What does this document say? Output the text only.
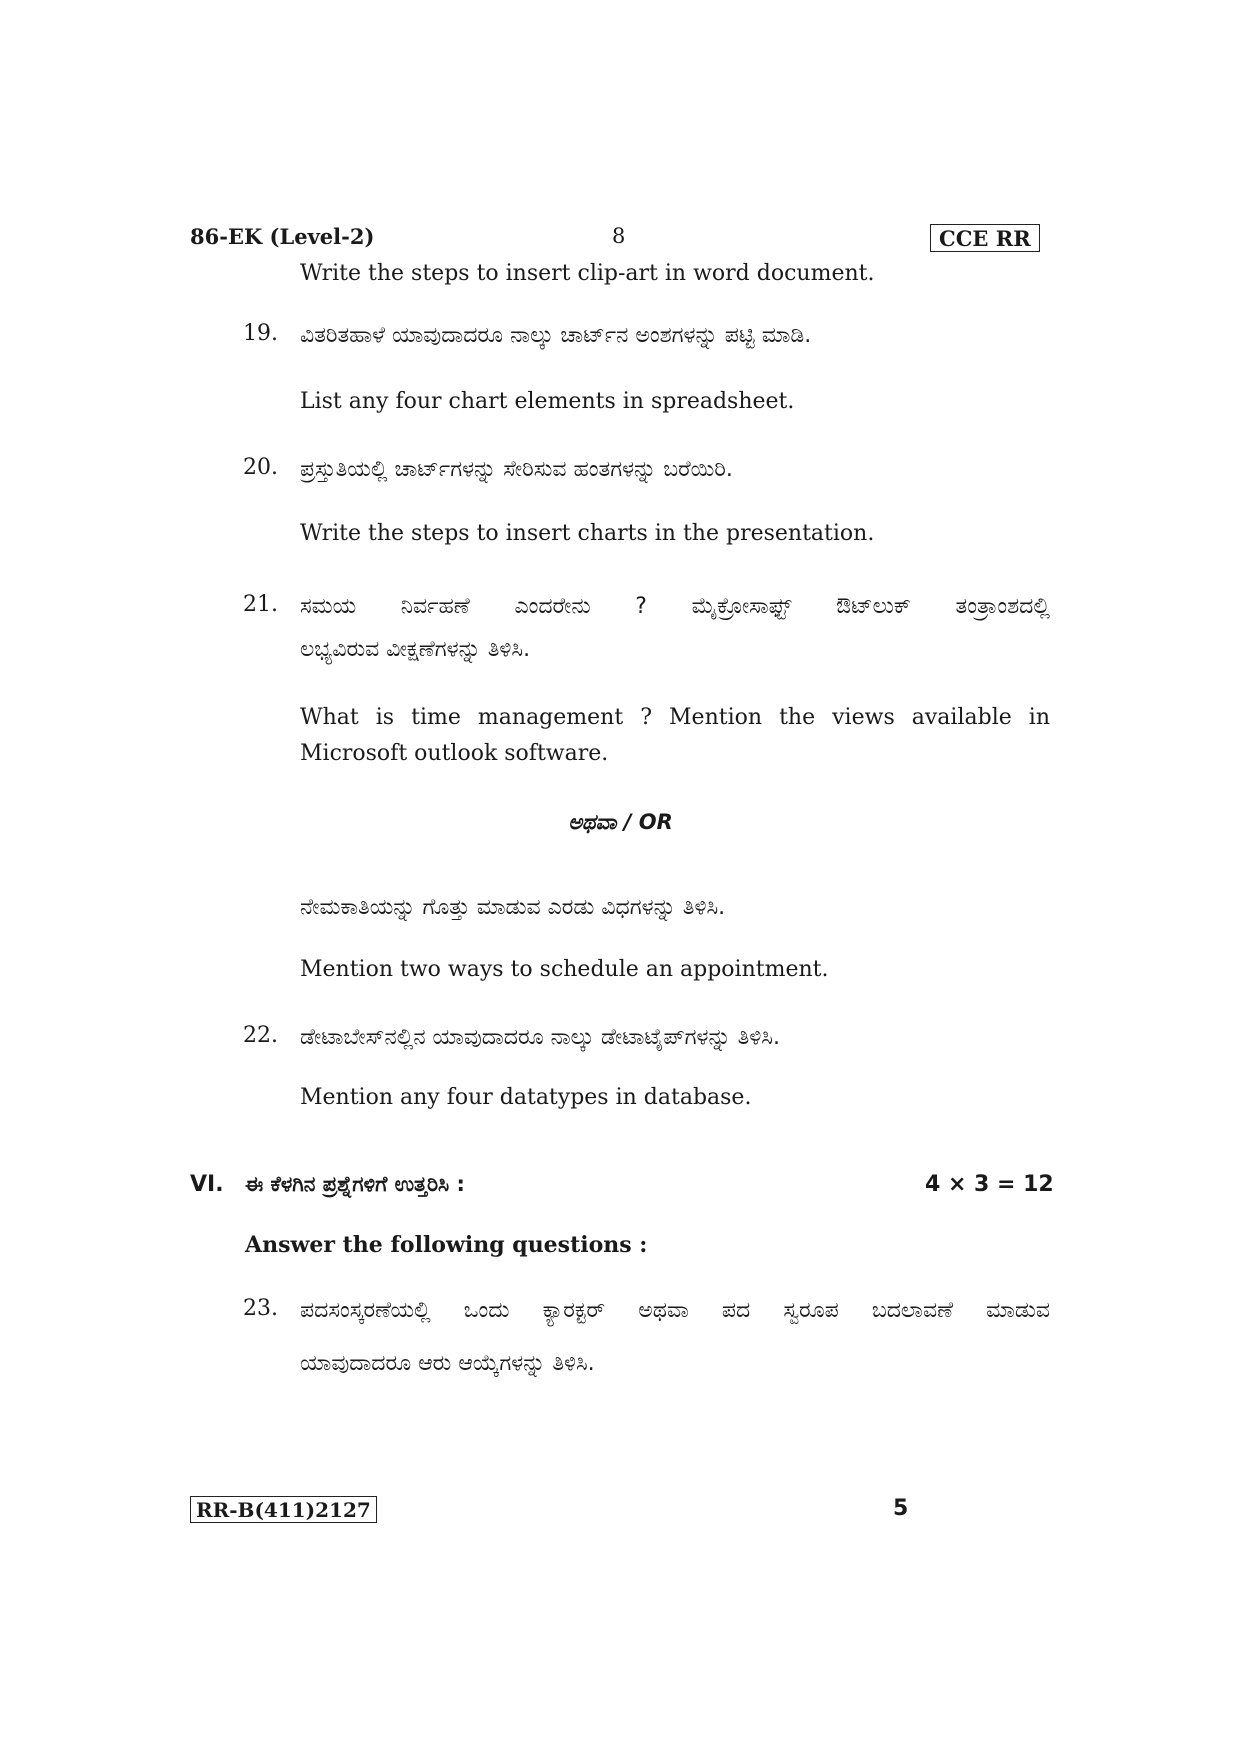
86-EK (Level-2)	8	CCE RR
Write the steps to insert clip-art in word document.
19. ವಿತರಿತಹಾಳೆ ಯಾವುದಾದರೂ ನಾಲ್ಕು ಚಾರ್ಟ್‌ನ ಅಂಶಗಳನ್ನು ಪಟ್ಟಿ ಮಾಡಿ.
List any four chart elements in spreadsheet.
20. ಪ್ರಸ್ತುತಿಯಲ್ಲಿ ಚಾರ್ಟ್‌ಗಳನ್ನು ಸೇರಿಸುವ ಹಂತಗಳನ್ನು ಬರೆಯಿರಿ.
Write the steps to insert charts in the presentation.
21. ಸಮಯ ನಿರ್ವಹಣೆ ಎಂದರೇನು ? ಮೈಕ್ರೋಸಾಫ್ಟ್ ಔಟ್‌ಲುಕ್ ತಂತ್ರಾಂಶದಲ್ಲಿ
ಲಭ್ಯವಿರುವ ವೀಕ್ಷಣೆಗಳನ್ನು ತಿಳಿಸಿ.
What is time management ? Mention the views available in
Microsoft outlook software.
ಅಥವಾ / OR
ನೇಮಕಾತಿಯನ್ನು ಗೊತ್ತು ಮಾಡುವ ಎರಡು ವಿಧಗಳನ್ನು ತಿಳಿಸಿ.
Mention two ways to schedule an appointment.
22. ಡೇಟಾಬೇಸ್‌ನಲ್ಲಿನ ಯಾವುದಾದರೂ ನಾಲ್ಕು ಡೇಟಾಟೈಪ್‌ಗಳನ್ನು ತಿಳಿಸಿ.
Mention any four datatypes in database.
VI. ಈ ಕೆಳಗಿನ ಪ್ರಶ್ನೆಗಳಿಗೆ ಉತ್ತರಿಸಿ :	4 × 3 = 12
Answer the following questions :
23. ಪದಸಂಸ್ಕರಣೆಯಲ್ಲಿ ಒಂದು ಕ್ಯಾರಕ್ಟರ್ ಅಥವಾ ಪದ ಸ್ವರೂಪ ಬದಲಾವಣೆ ಮಾಡುವ
ಯಾವುದಾದರೂ ಆರು ಆಯ್ಕೆಗಳನ್ನು ತಿಳಿಸಿ.
RR-B(411)2127	5
